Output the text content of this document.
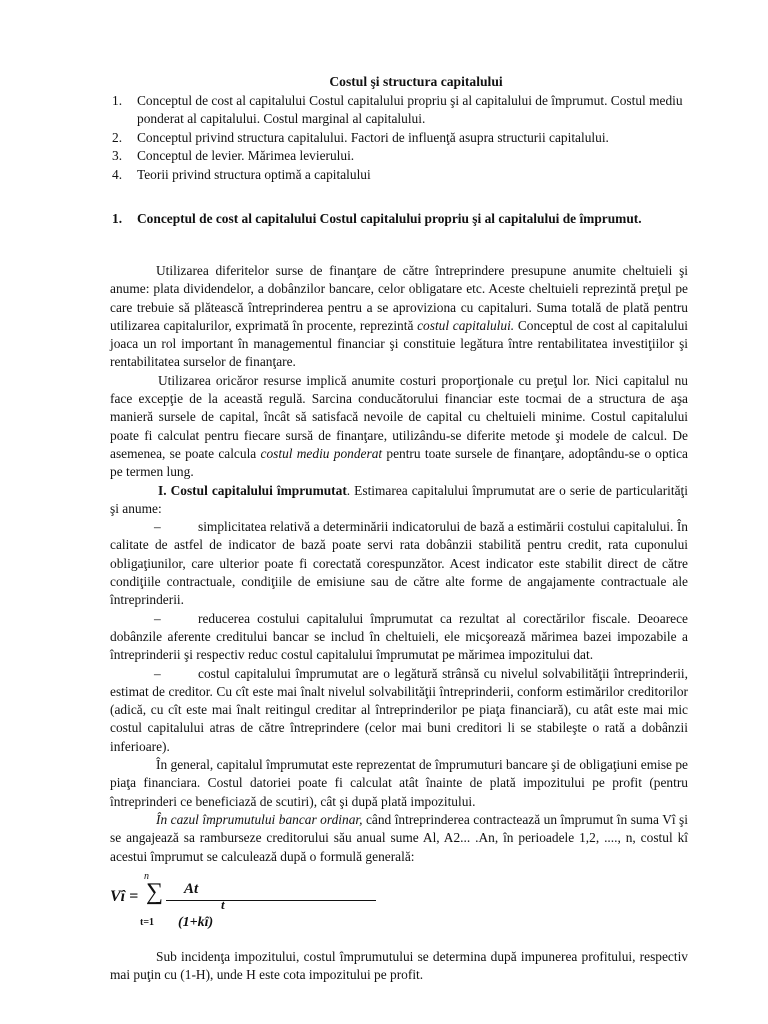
Costul şi structura capitalului
1. Conceptul de cost al capitalului Costul capitalului propriu şi al capitalului de împrumut. Costul mediu ponderat al capitalului. Costul marginal al capitalului.
2. Conceptul privind structura capitalului. Factori de influenţă asupra structurii capitalului.
3. Conceptul de levier. Mărimea levierului.
4. Teorii privind structura optimă a capitalului
1. Conceptul de cost al capitalului Costul capitalului propriu şi al capitalului de împrumut.

Utilizarea diferitelor surse de finanţare de către întreprindere presupune anumite cheltuieli şi anume: plata dividendelor, a dobânzilor bancare, celor obligatare etc. Aceste cheltuieli reprezintă preţul pe care trebuie să plătească întreprinderea pentru a se aproviziona cu capitaluri. Suma totală de plată pentru utilizarea capitalurilor, exprimată în procente, reprezintă costul capitalului. Conceptul de cost al capitalului joaca un rol important în managementul financiar şi constituie legătura între rentabilitatea investiţiilor şi rentabilitatea surselor de finanţare.

Utilizarea oricăror resurse implică anumite costuri proporţionale cu preţul lor. Nici capitalul nu face excepţie de la această regulă. Sarcina conducătorului financiar este tocmai de a structura de aşa manieră sursele de capital, încât să satisfacă nevoile de capital cu cheltuieli minime. Costul capitalului poate fi calculat pentru fiecare sursă de finanţare, utilizându-se diferite metode şi modele de calcul. De asemenea, se poate calcula costul mediu ponderat pentru toate sursele de finanţare, adoptându-se o optica pe termen lung.

I. Costul capitalului împrumutat. Estimarea capitalului împrumutat are o serie de particularităţi şi anume:

–	simplicitatea relativă a determinării indicatorului de bază a estimării costului capitalului. În calitate de astfel de indicator de bază poate servi rata dobânzii stabilită pentru credit, rata cuponului obligaţiunilor, care ulterior poate fi corectată corespunzător. Acest indicator este stabilit direct de către condiţiile contractuale, condiţiile de emisiune sau de către alte forme de angajamente contractuale ale întreprinderii.

–	reducerea costului capitalului împrumutat ca rezultat al corectărilor fiscale. Deoarece dobânzile aferente creditului bancar se includ în cheltuieli, ele micşorează mărimea bazei impozabile a întreprinderii şi respectiv reduc costul capitalului împrumutat pe mărimea impozitului dat.

–	costul capitalului împrumutat are o legătură strânsă cu nivelul solvabilităţii întreprinderii, estimat de creditor. Cu cît este mai înalt nivelul solvabilităţii întreprinderii, conform estimărilor creditorilor (adică, cu cît este mai înalt reitingul creditar al întreprinderilor pe piaţa financiară), cu atât este mai mic costul capitalului atras de către întreprindere (celor mai buni creditori li se stabileşte o rată a dobânzii inferioare).

În general, capitalul împrumutat este reprezentat de împrumuturi bancare şi de obligaţiuni emise pe piaţa financiara. Costul datoriei poate fi calculat atât înainte de plată impozitului pe profit (pentru întreprinderi ce beneficiază de scutiri), cât şi după plată impozitului.

În cazul împrumutului bancar ordinar, când întreprinderea contractează un împrumut în suma Vî şi se angajează sa ramburseze creditorului său anual sume Al, A2... .An, în perioadele 1,2, ...., n, costul kî acestui împrumut se calculează după o formulă generală:

n
Vî = ∑
t=1
At
t
(1+kî)

Sub incidenţa impozitului, costul împrumutului se determina după impunerea profitului, respectiv mai puţin cu (1-H), unde H este cota impozitului pe profit.
